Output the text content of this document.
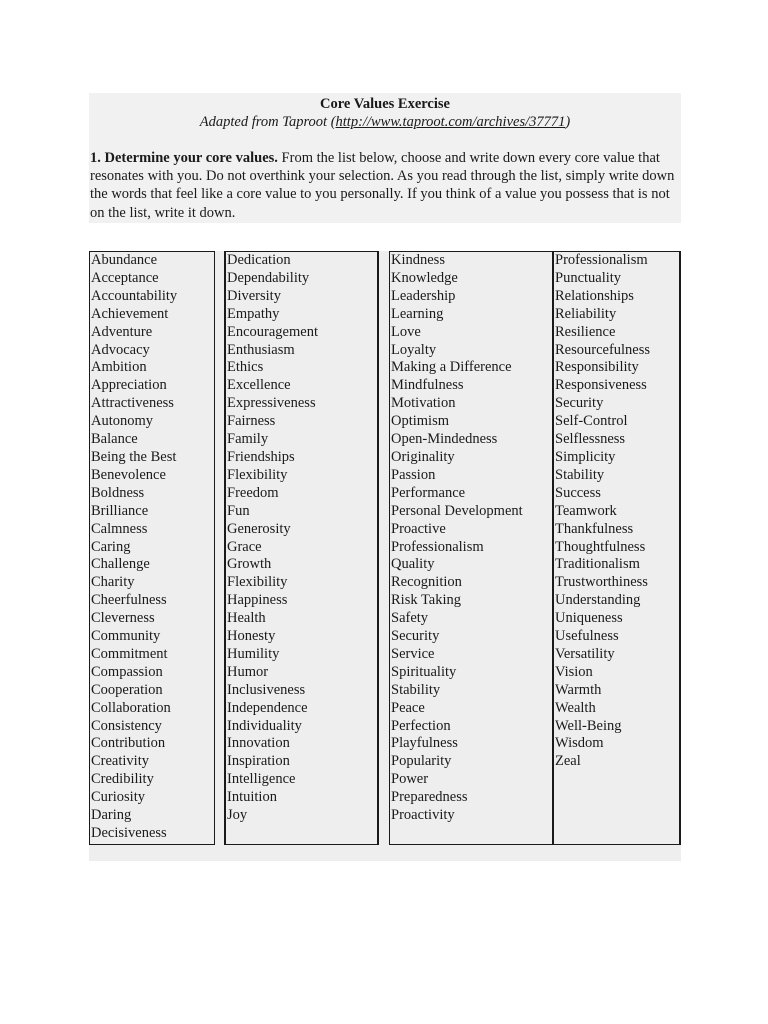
Core Values Exercise
Adapted from Taproot (http://www.taproot.com/archives/37771)

1. Determine your core values. From the list below, choose and write down every core value that resonates with you. Do not overthink your selection. As you read through the list, simply write down the words that feel like a core value to you personally. If you think of a value you possess that is not on the list, write it down.

Abundance
Acceptance
Accountability
Achievement
Adventure
Advocacy
Ambition
Appreciation
Attractiveness
Autonomy
Balance
Being the Best
Benevolence
Boldness
Brilliance
Calmness
Caring
Challenge
Charity
Cheerfulness
Cleverness
Community
Commitment
Compassion
Cooperation
Collaboration
Consistency
Contribution
Creativity
Credibility
Curiosity
Daring
Decisiveness
Dedication
Dependability
Diversity
Empathy
Encouragement
Enthusiasm
Ethics
Excellence
Expressiveness
Fairness
Family
Friendships
Flexibility
Freedom
Fun
Generosity
Grace
Growth
Flexibility
Happiness
Health
Honesty
Humility
Humor
Inclusiveness
Independence
Individuality
Innovation
Inspiration
Intelligence
Intuition
Joy
Kindness
Knowledge
Leadership
Learning
Love
Loyalty
Making a Difference
Mindfulness
Motivation
Optimism
Open-Mindedness
Originality
Passion
Performance
Personal Development
Proactive
Professionalism
Quality
Recognition
Risk Taking
Safety
Security
Service
Spirituality
Stability
Peace
Perfection
Playfulness
Popularity
Power
Preparedness
Proactivity
Professionalism
Punctuality
Relationships
Reliability
Resilience
Resourcefulness
Responsibility
Responsiveness
Security
Self-Control
Selflessness
Simplicity
Stability
Success
Teamwork
Thankfulness
Thoughtfulness
Traditionalism
Trustworthiness
Understanding
Uniqueness
Usefulness
Versatility
Vision
Warmth
Wealth
Well-Being
Wisdom
Zeal
